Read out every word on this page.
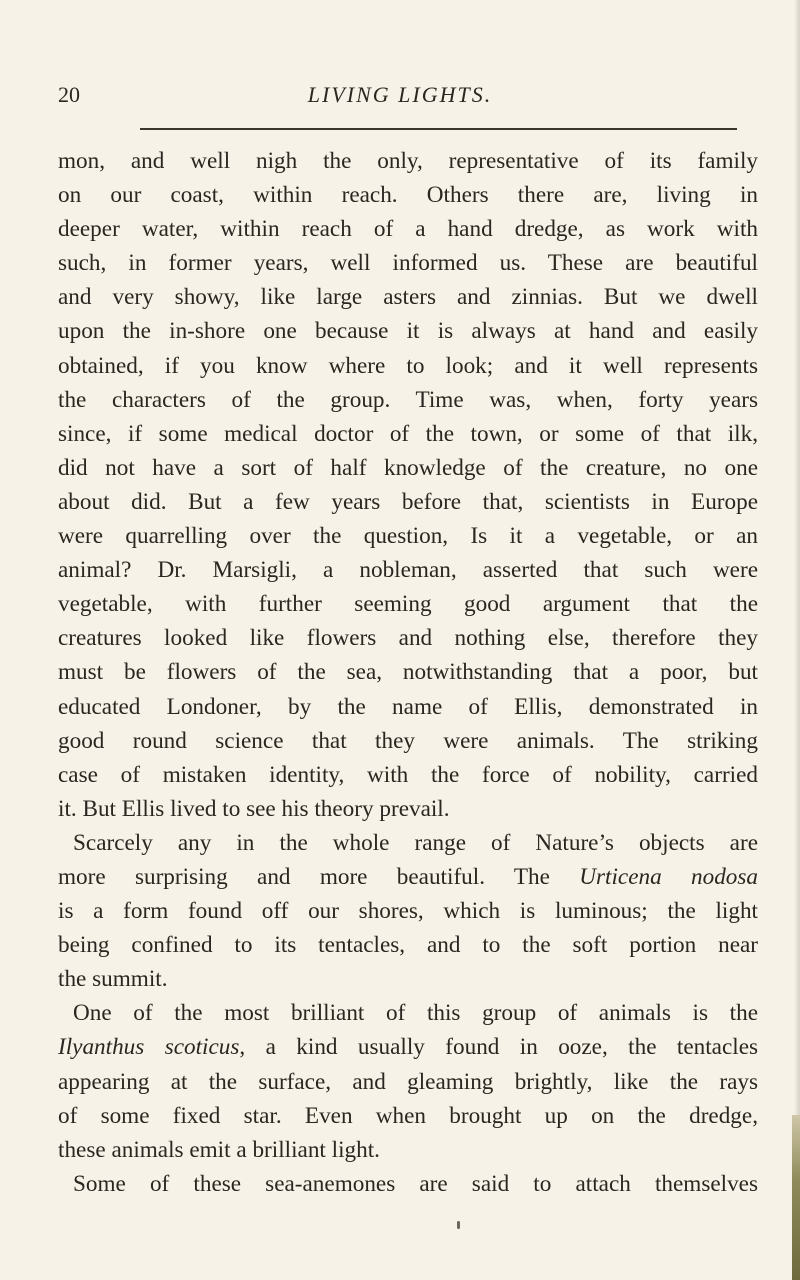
20	LIVING LIGHTS.
mon, and well nigh the only, representative of its family
on our coast, within reach. Others there are, living in
deeper water, within reach of a hand dredge, as work with
such, in former years, well informed us. These are beautiful
and very showy, like large asters and zinnias. But we dwell
upon the in-shore one because it is always at hand and easily
obtained, if you know where to look; and it well represents
the characters of the group. Time was, when, forty years
since, if some medical doctor of the town, or some of that ilk,
did not have a sort of half knowledge of the creature, no one
about did. But a few years before that, scientists in Europe
were quarrelling over the question, Is it a vegetable, or an
animal? Dr. Marsigli, a nobleman, asserted that such were
vegetable, with further seeming good argument that the
creatures looked like flowers and nothing else, therefore they
must be flowers of the sea, notwithstanding that a poor, but
educated Londoner, by the name of Ellis, demonstrated in
good round science that they were animals. The striking
case of mistaken identity, with the force of nobility, carried
it. But Ellis lived to see his theory prevail.
Scarcely any in the whole range of Nature’s objects are
more surprising and more beautiful. The Urticena nodosa
is a form found off our shores, which is luminous; the light
being confined to its tentacles, and to the soft portion near
the summit.
One of the most brilliant of this group of animals is the
Ilyanthus scoticus, a kind usually found in ooze, the tentacles
appearing at the surface, and gleaming brightly, like the rays
of some fixed star. Even when brought up on the dredge,
these animals emit a brilliant light.
Some of these sea-anemones are said to attach themselves
